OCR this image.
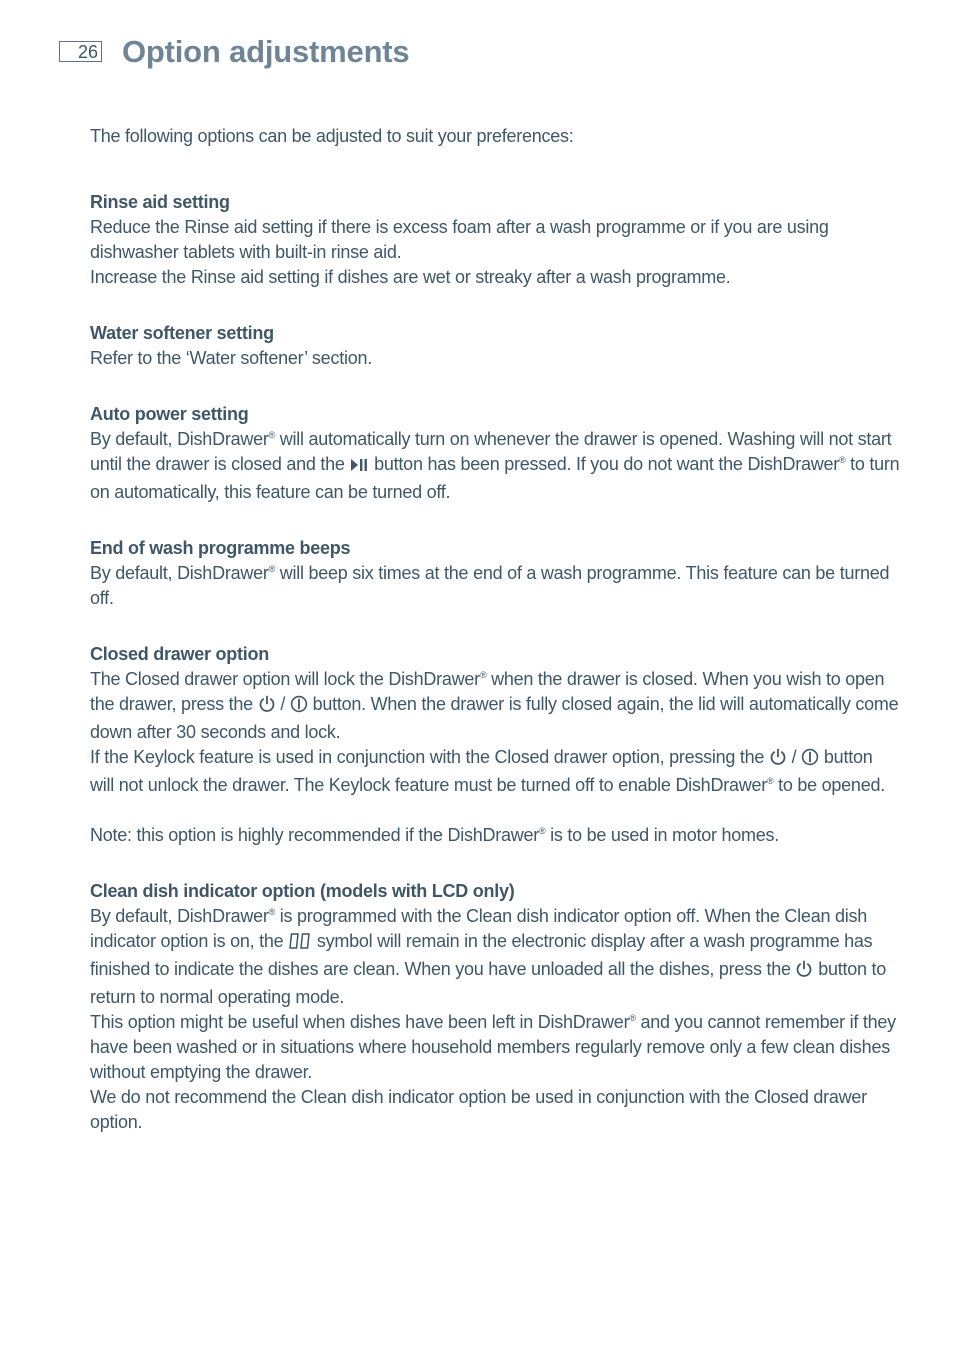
26 Option adjustments

The following options can be adjusted to suit your preferences:

Rinse aid setting

Reduce the Rinse aid setting if there is excess foam after a wash programme or if you are using dishwasher tablets with built-in rinse aid.

Increase the Rinse aid setting if dishes are wet or streaky after a wash programme.

Water softener setting

Refer to the ‘Water softener’ section.

Auto power setting

By default, DishDrawer® will automatically turn on whenever the drawer is opened. Washing will not start until the drawer is closed and the  button has been pressed. If you do not want the DishDrawer® to turn on automatically, this feature can be turned off.

End of wash programme beeps

By default, DishDrawer® will beep six times at the end of a wash programme. This feature can be turned off.

Closed drawer option

The Closed drawer option will lock the DishDrawer® when the drawer is closed. When you wish to open the drawer, press the  /  button. When the drawer is fully closed again, the lid will automatically come down after 30 seconds and lock.

If the Keylock feature is used in conjunction with the Closed drawer option, pressing the  /  button will not unlock the drawer. The Keylock feature must be turned off to enable DishDrawer® to be opened.

Note: this option is highly recommended if the DishDrawer® is to be used in motor homes.

Clean dish indicator option (models with LCD only)

By default, DishDrawer® is programmed with the Clean dish indicator option off. When the Clean dish indicator option is on, the  symbol will remain in the electronic display after a wash programme has finished to indicate the dishes are clean. When you have unloaded all the dishes, press the  button to return to normal operating mode.

This option might be useful when dishes have been left in DishDrawer® and you cannot remember if they have been washed or in situations where household members regularly remove only a few clean dishes without emptying the drawer.

We do not recommend the Clean dish indicator option be used in conjunction with the Closed drawer option.
